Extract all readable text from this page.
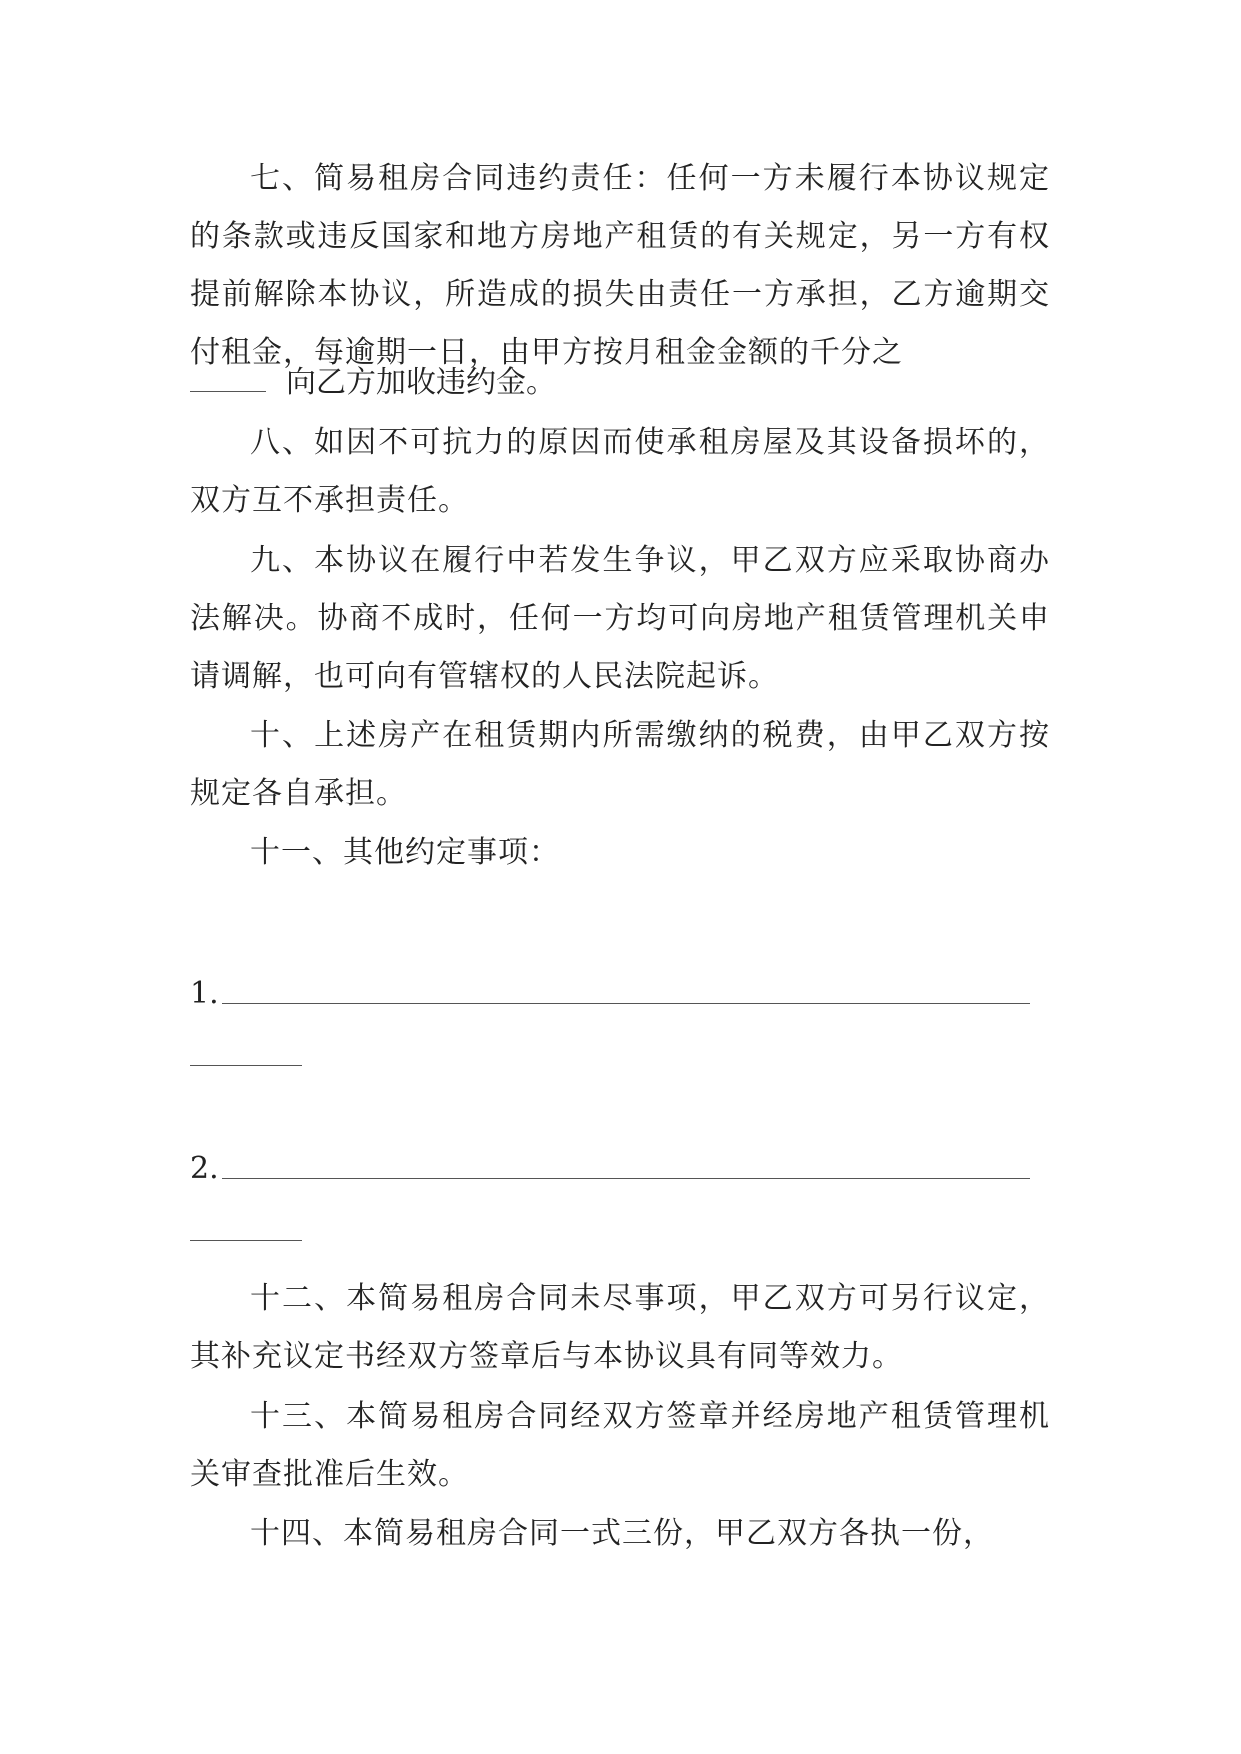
七、简易租房合同违约责任：任何一方未履行本协议规定的条款或违反国家和地方房地产租赁的有关规定，另一方有权提前解除本协议，所造成的损失由责任一方承担，乙方逾期交付租金，每逾期一日，由甲方按月租金金额的千分之

向乙方加收违约金。

八、如因不可抗力的原因而使承租房屋及其设备损坏的，双方互不承担责任。

九、本协议在履行中若发生争议，甲乙双方应采取协商办法解决。协商不成时，任何一方均可向房地产租赁管理机关申请调解，也可向有管辖权的人民法院起诉。

十、上述房产在租赁期内所需缴纳的税费，由甲乙双方按规定各自承担。

十一、其他约定事项：

1.

2.

十二、本简易租房合同未尽事项，甲乙双方可另行议定，其补充议定书经双方签章后与本协议具有同等效力。

十三、本简易租房合同经双方签章并经房地产租赁管理机关审查批准后生效。

十四、本简易租房合同一式三份，甲乙双方各执一份，
